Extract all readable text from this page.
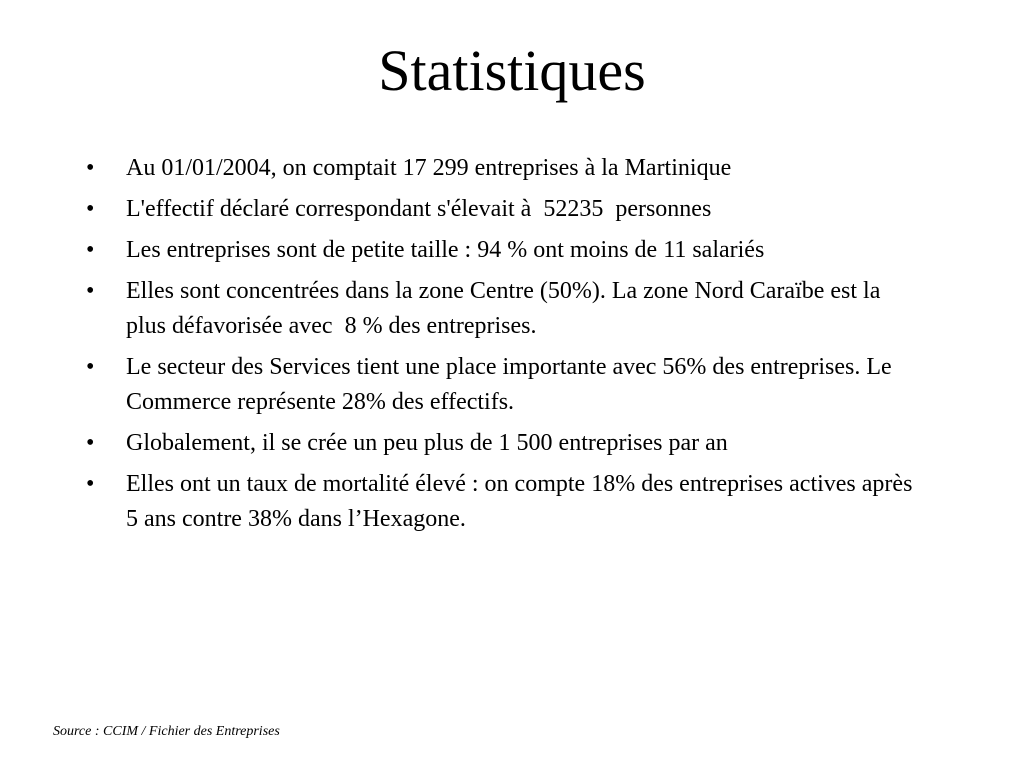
Statistiques
•	Au 01/01/2004, on comptait 17 299 entreprises à la Martinique
•	L'effectif déclaré correspondant s'élevait à  52235  personnes
•	Les entreprises sont de petite taille : 94 % ont moins de 11 salariés
•	Elles sont concentrées dans la zone Centre (50%). La zone Nord Caraïbe est la plus défavorisée avec  8 % des entreprises.
•	Le secteur des Services tient une place importante avec 56% des entreprises. Le Commerce représente 28% des effectifs.
•	Globalement, il se crée un peu plus de 1 500 entreprises par an
•	Elles ont un taux de mortalité élevé : on compte 18% des entreprises actives après 5 ans contre 38% dans l’Hexagone.
Source : CCIM / Fichier des Entreprises
